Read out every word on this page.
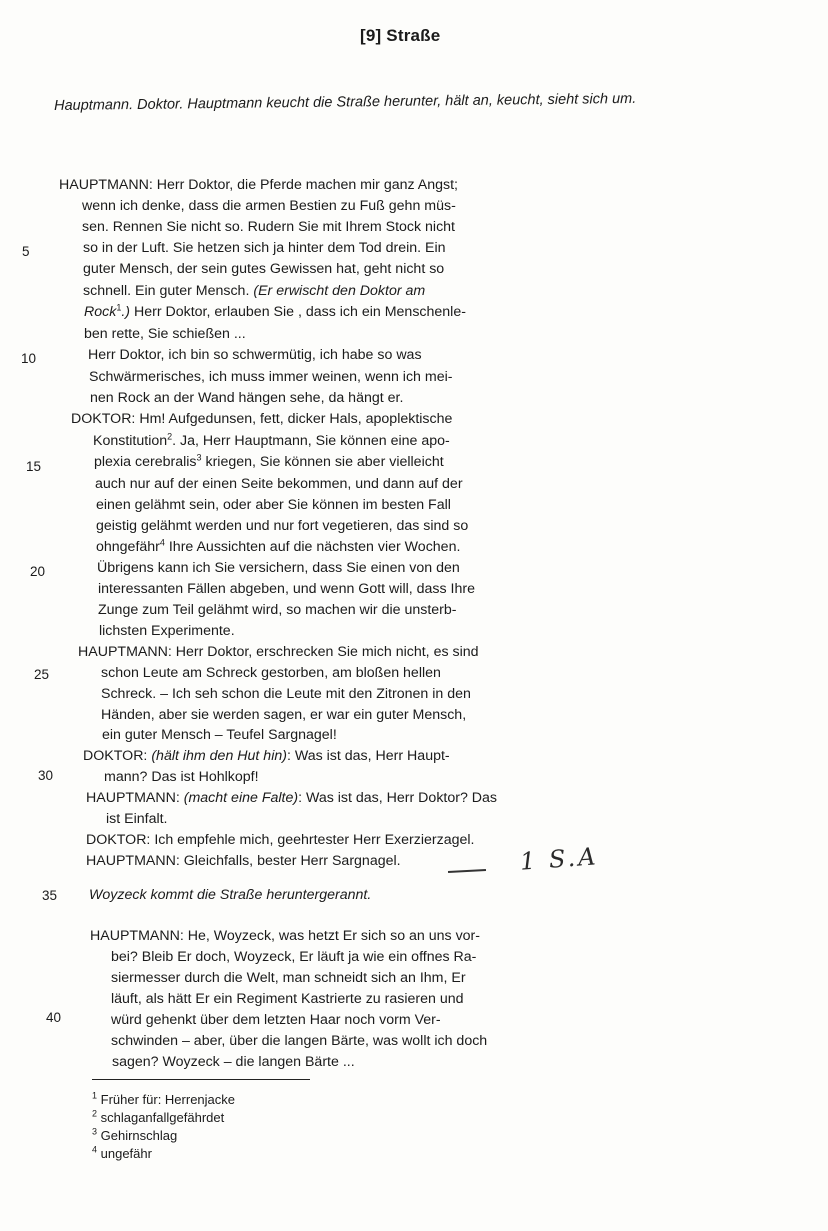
[9] Straße
Hauptmann. Doktor. Hauptmann keucht die Straße herunter, hält an, keucht, sieht sich um.
5
10
15
20
25
30
35
40
HAUPTMANN: Herr Doktor, die Pferde machen mir ganz Angst;
wenn ich denke, dass die armen Bestien zu Fuß gehn müs-
sen. Rennen Sie nicht so. Rudern Sie mit Ihrem Stock nicht
so in der Luft. Sie hetzen sich ja hinter dem Tod drein. Ein
guter Mensch, der sein gutes Gewissen hat, geht nicht so
schnell. Ein guter Mensch. (Er erwischt den Doktor am
Rock$^1$.) Herr Doktor, erlauben Sie , dass ich ein Menschenle-
ben rette, Sie schießen ...
Herr Doktor, ich bin so schwermütig, ich habe so was
Schwärmerisches, ich muss immer weinen, wenn ich mei-
nen Rock an der Wand hängen sehe, da hängt er.
DOKTOR: Hm! Aufgedunsen, fett, dicker Hals, apoplektische
Konstitution$^2$. Ja, Herr Hauptmann, Sie können eine apo-
plexia cerebralis$^3$ kriegen, Sie können sie aber vielleicht
auch nur auf der einen Seite bekommen, und dann auf der
einen gelähmt sein, oder aber Sie können im besten Fall
geistig gelähmt werden und nur fort vegetieren, das sind so
ohngefähr$^4$ Ihre Aussichten auf die nächsten vier Wochen.
Übrigens kann ich Sie versichern, dass Sie einen von den
interessanten Fällen abgeben, und wenn Gott will, dass Ihre
Zunge zum Teil gelähmt wird, so machen wir die unsterb-
lichsten Experimente.
HAUPTMANN: Herr Doktor, erschrecken Sie mich nicht, es sind
schon Leute am Schreck gestorben, am bloßen hellen
Schreck. – Ich seh schon die Leute mit den Zitronen in den
Händen, aber sie werden sagen, er war ein guter Mensch,
ein guter Mensch – Teufel Sargnagel!
DOKTOR: (hält ihm den Hut hin): Was ist das, Herr Haupt-
mann? Das ist Hohlkopf!
HAUPTMANN: (macht eine Falte): Was ist das, Herr Doktor? Das
ist Einfalt.
DOKTOR: Ich empfehle mich, geehrtester Herr Exerzierzagel.
HAUPTMANN: Gleichfalls, bester Herr Sargnagel.
Woyzeck kommt die Straße heruntergerannt.
HAUPTMANN: He, Woyzeck, was hetzt Er sich so an uns vor-
bei? Bleib Er doch, Woyzeck, Er läuft ja wie ein offnes Ra-
siermesser durch die Welt, man schneidt sich an Ihm, Er
läuft, als hätt Er ein Regiment Kastrierte zu rasieren und
würd gehenkt über dem letzten Haar noch vorm Ver-
schwinden – aber, über die langen Bärte, was wollt ich doch
sagen? Woyzeck – die langen Bärte ...
1 S.A
$^1$ Früher für: Herrenjacke
$^2$ schlaganfallgefährdet
$^3$ Gehirnschlag
$^4$ ungefähr
